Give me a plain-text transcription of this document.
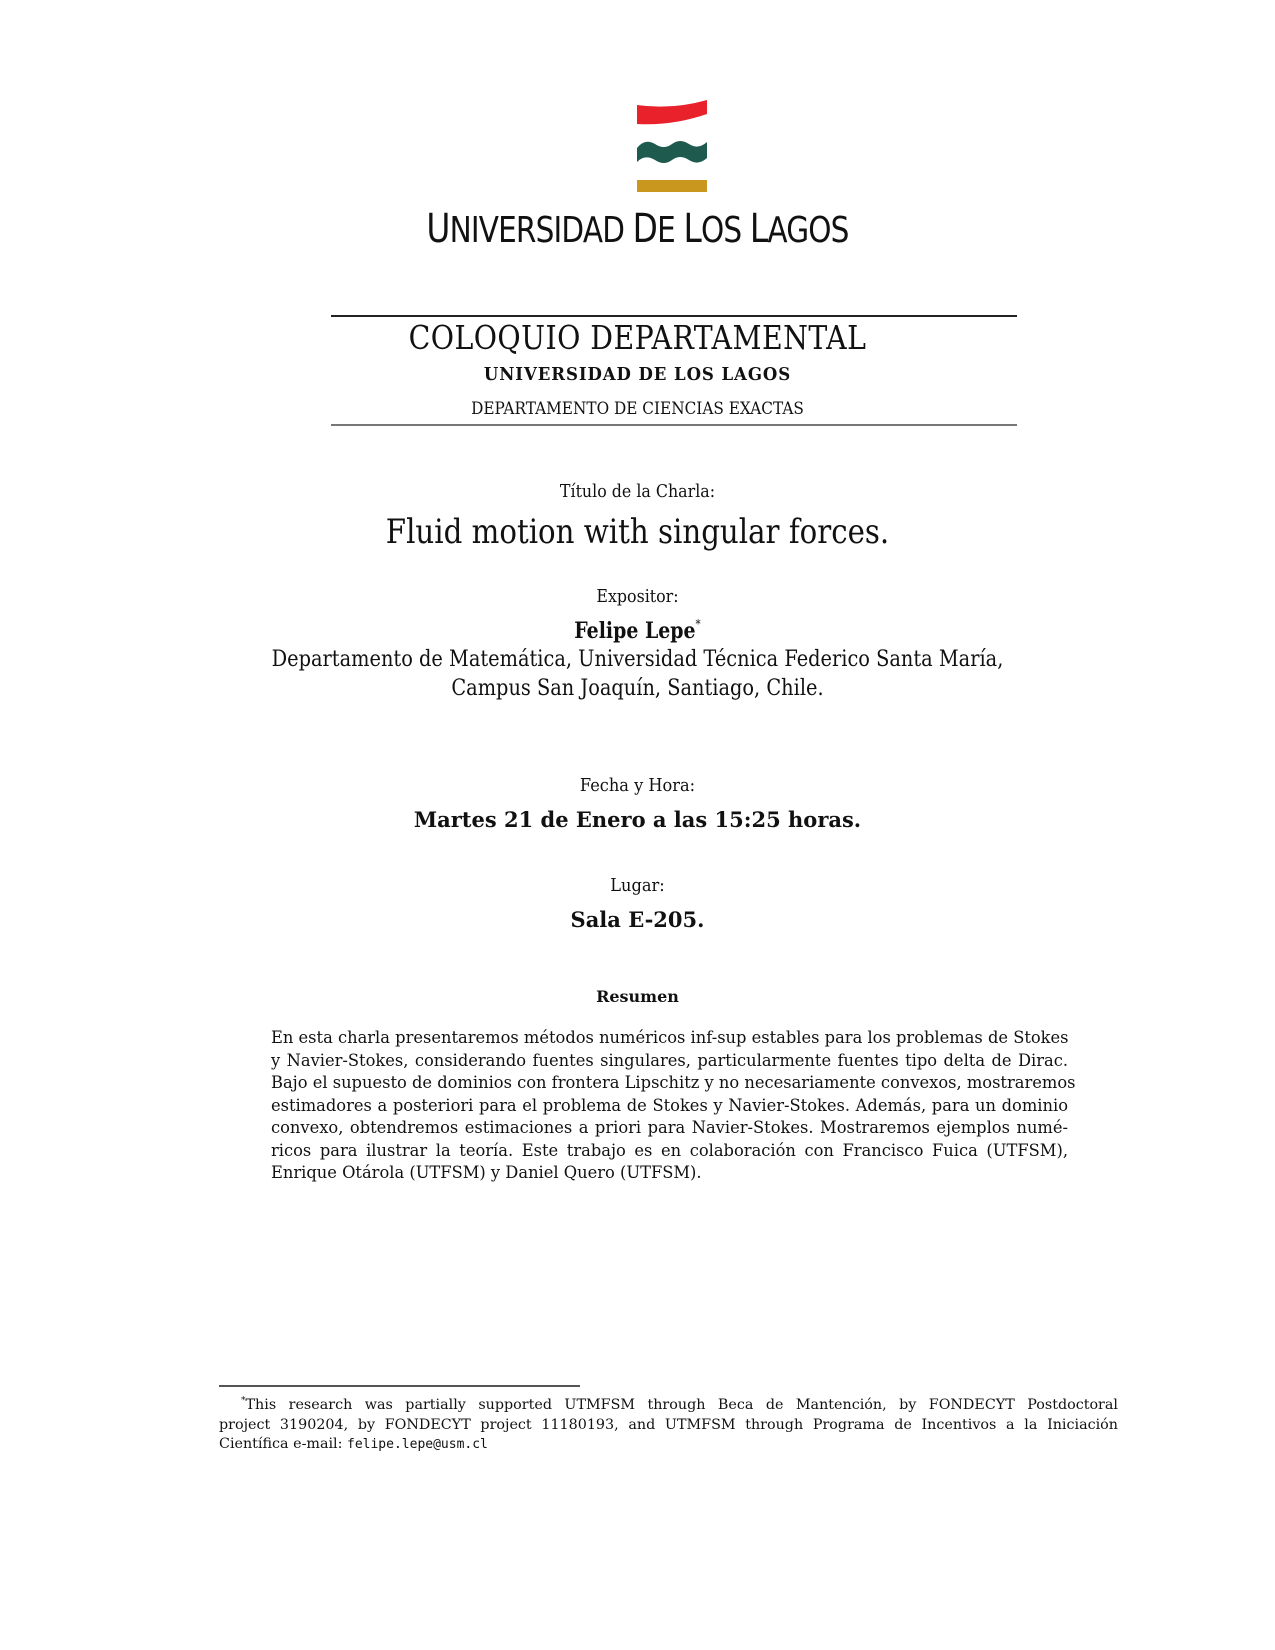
UNIVERSIDAD DE LOS LAGOS
COLOQUIO DEPARTAMENTAL
UNIVERSIDAD DE LOS LAGOS
DEPARTAMENTO DE CIENCIAS EXACTAS
Título de la Charla:
Fluid motion with singular forces.
Expositor:
Felipe Lepe*
Departamento de Matemática, Universidad Técnica Federico Santa María,
Campus San Joaquín, Santiago, Chile.
Fecha y Hora:
Martes 21 de Enero a las 15:25 horas.
Lugar:
Sala E-205.
Resumen
En esta charla presentaremos métodos numéricos inf-sup estables para los problemas de Stokes
y Navier-Stokes, considerando fuentes singulares, particularmente fuentes tipo delta de Dirac.
Bajo el supuesto de dominios con frontera Lipschitz y no necesariamente convexos, mostraremos
estimadores a posteriori para el problema de Stokes y Navier-Stokes. Además, para un dominio
convexo, obtendremos estimaciones a priori para Navier-Stokes. Mostraremos ejemplos numé-
ricos para ilustrar la teoría. Este trabajo es en colaboración con Francisco Fuica (UTFSM),
Enrique Otárola (UTFSM) y Daniel Quero (UTFSM).
*This research was partially supported UTMFSM through Beca de Mantención, by FONDECYT Postdoctoral
project 3190204, by FONDECYT project 11180193, and UTMFSM through Programa de Incentivos a la Iniciación
Científica e-mail: felipe.lepe@usm.cl
